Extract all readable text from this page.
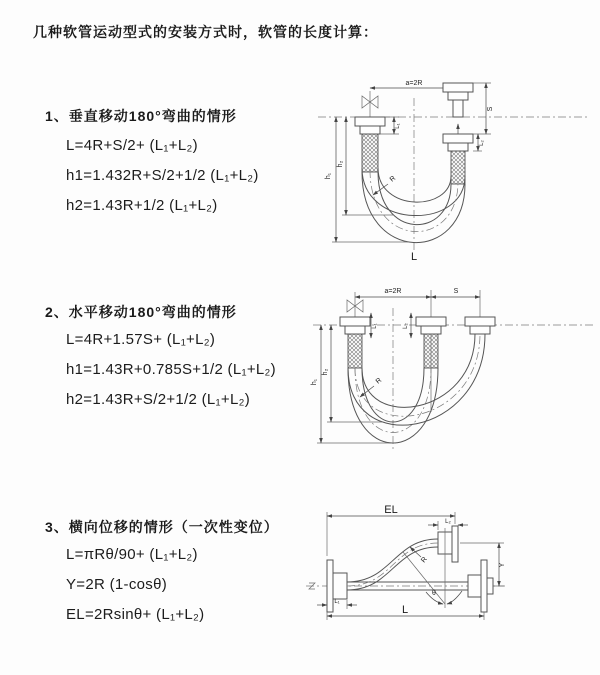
几种软管运动型式的安装方式时，软管的长度计算：
1、垂直移动180°弯曲的情形
L=4R+S/2+ (L₁+L₂)
h1=1.432R+S/2+1/2 (L₁+L₂)
h2=1.43R+1/2 (L₁+L₂)
a=2R
L₁
S
L₂
h₁
h₂
R
L
2、水平移动180°弯曲的情形
L=4R+1.57S+ (L₁+L₂)
h1=1.43R+0.785S+1/2 (L₁+L₂)
h2=1.43R+S/2+1/2 (L₁+L₂)
a=2R	S
L₁	L₂
h₁
h₂
R
3、横向位移的情形（一次性变位）
L=πRθ/90+ (L₁+L₂)
Y=2R (1-cosθ)
EL=2Rsinθ+ (L₁+L₂)
θ
R
EL
L₂
Y
L₁
L
